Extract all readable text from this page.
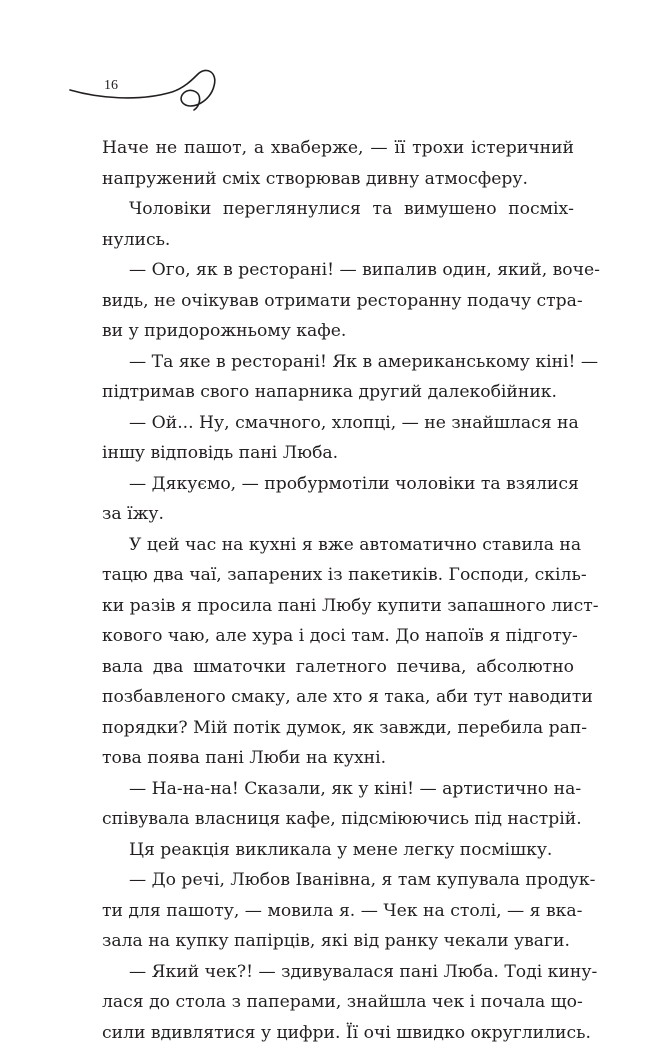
16
Наче не пашот, а хваберже, — її трохи істеричний
напружений сміх створював дивну атмосферу.
Чоловіки переглянулися та вимушено посміх-
нулись.
— Ого, як в ресторані! — випалив один, який, воче-
видь, не очікував отримати ресторанну подачу стра-
ви у придорожньому кафе.
— Та яке в ресторані! Як в американському кіні! —
підтримав свого напарника другий далекобійник.
— Ой... Ну, смачного, хлопці, — не знайшлася на
іншу відповідь пані Люба.
— Дякуємо, — пробурмотіли чоловіки та взялися
за їжу.
У цей час на кухні я вже автоматично ставила на
тацю два чаї, запарених із пакетиків. Господи, скіль-
ки разів я просила пані Любу купити запашного лист-
кового чаю, але хура і досі там. До напоїв я підготу-
вала два шматочки галетного печива, абсолютно
позбавленого смаку, але хто я така, аби тут наводити
порядки? Мій потік думок, як завжди, перебила рап-
това поява пані Люби на кухні.
— На-на-на! Сказали, як у кіні! — артистично на-
співувала власниця кафе, підсміюючись під настрій.
Ця реакція викликала у мене легку посмішку.
— До речі, Любов Іванівна, я там купувала продук-
ти для пашоту, — мовила я. — Чек на столі, — я вка-
зала на купку папірців, які від ранку чекали уваги.
— Який чек?! — здивувалася пані Люба. Тоді кину-
лася до стола з паперами, знайшла чек і почала що-
сили вдивлятися у цифри. Її очі швидко округлились.
